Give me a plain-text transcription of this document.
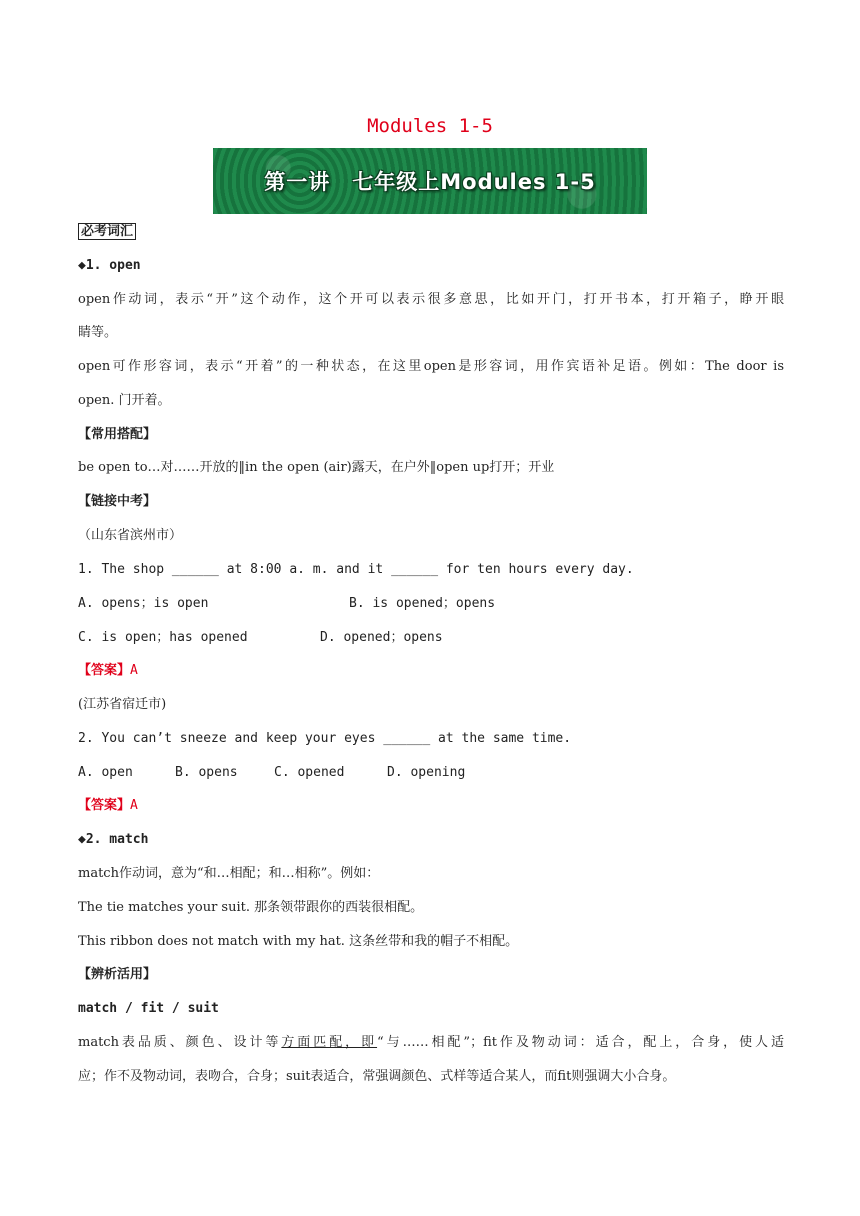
Modules 1-5
第一讲　七年级上Modules 1-5
必考词汇
◆1. open
open作动词，表示“开”这个动作，这个开可以表示很多意思，比如开门，打开书本，打开箱子，睁开眼
睛等。
open可作形容词，表示“开着”的一种状态，在这里open是形容词，用作宾语补足语。例如：The door is
open. 门开着。
【常用搭配】
be open to…对……开放的‖in the open (air)露天，在户外‖open up打开；开业
【链接中考】
（山东省滨州市）
1. The shop ______ at 8:00 a. m. and it ______ for ten hours every day.
A. opens；is open	B. is opened；opens
C. is open；has opened	D. opened；opens
【答案】A
(江苏省宿迁市)
2. You can’t sneeze and keep your eyes ______ at the same time.
A. open	B. opens	C. opened	D. opening
【答案】A
◆2. match
match作动词，意为“和…相配；和…相称”。例如：
The tie matches your suit. 那条领带跟你的西装很相配。
This ribbon does not match with my hat. 这条丝带和我的帽子不相配。
【辨析活用】
match / fit / suit
match表品质、颜色、设计等方面匹配，即“与……相配”；fit作及物动词：适合，配上，合身，使人适
应；作不及物动词，表吻合，合身；suit表适合，常强调颜色、式样等适合某人，而fit则强调大小合身。
